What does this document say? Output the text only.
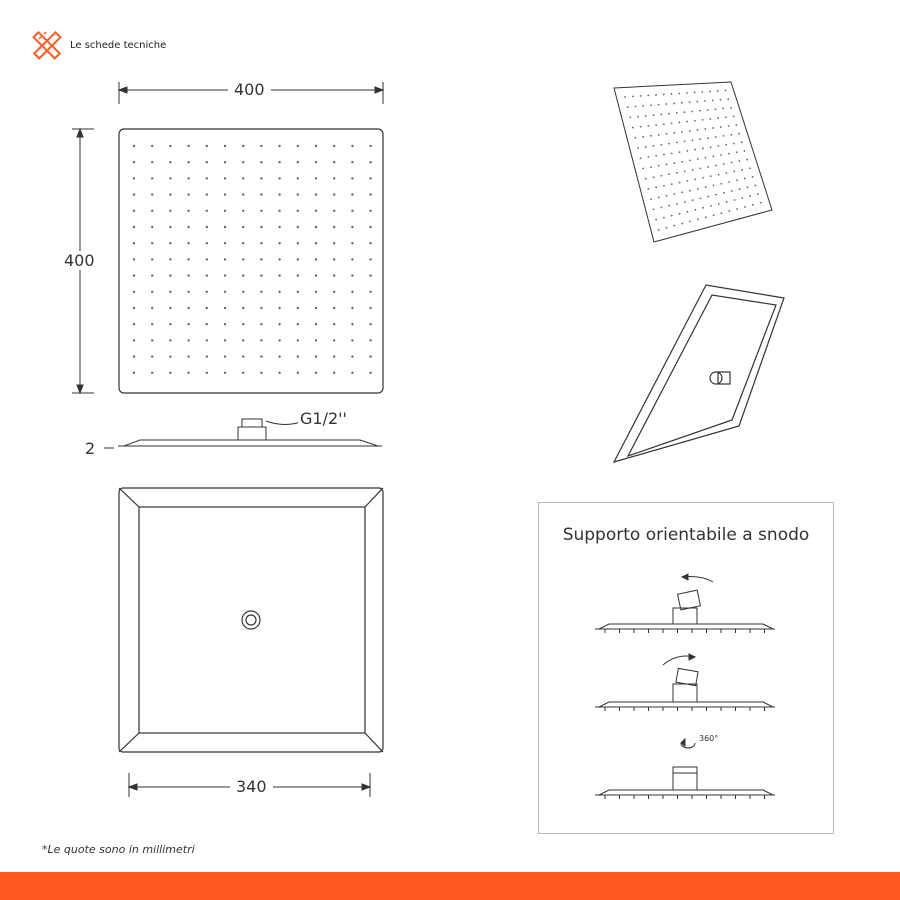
Le schede tecniche
400
400
2
G1/2''
340
Supporto orientabile a snodo
360°
*Le quote sono in millimetri
